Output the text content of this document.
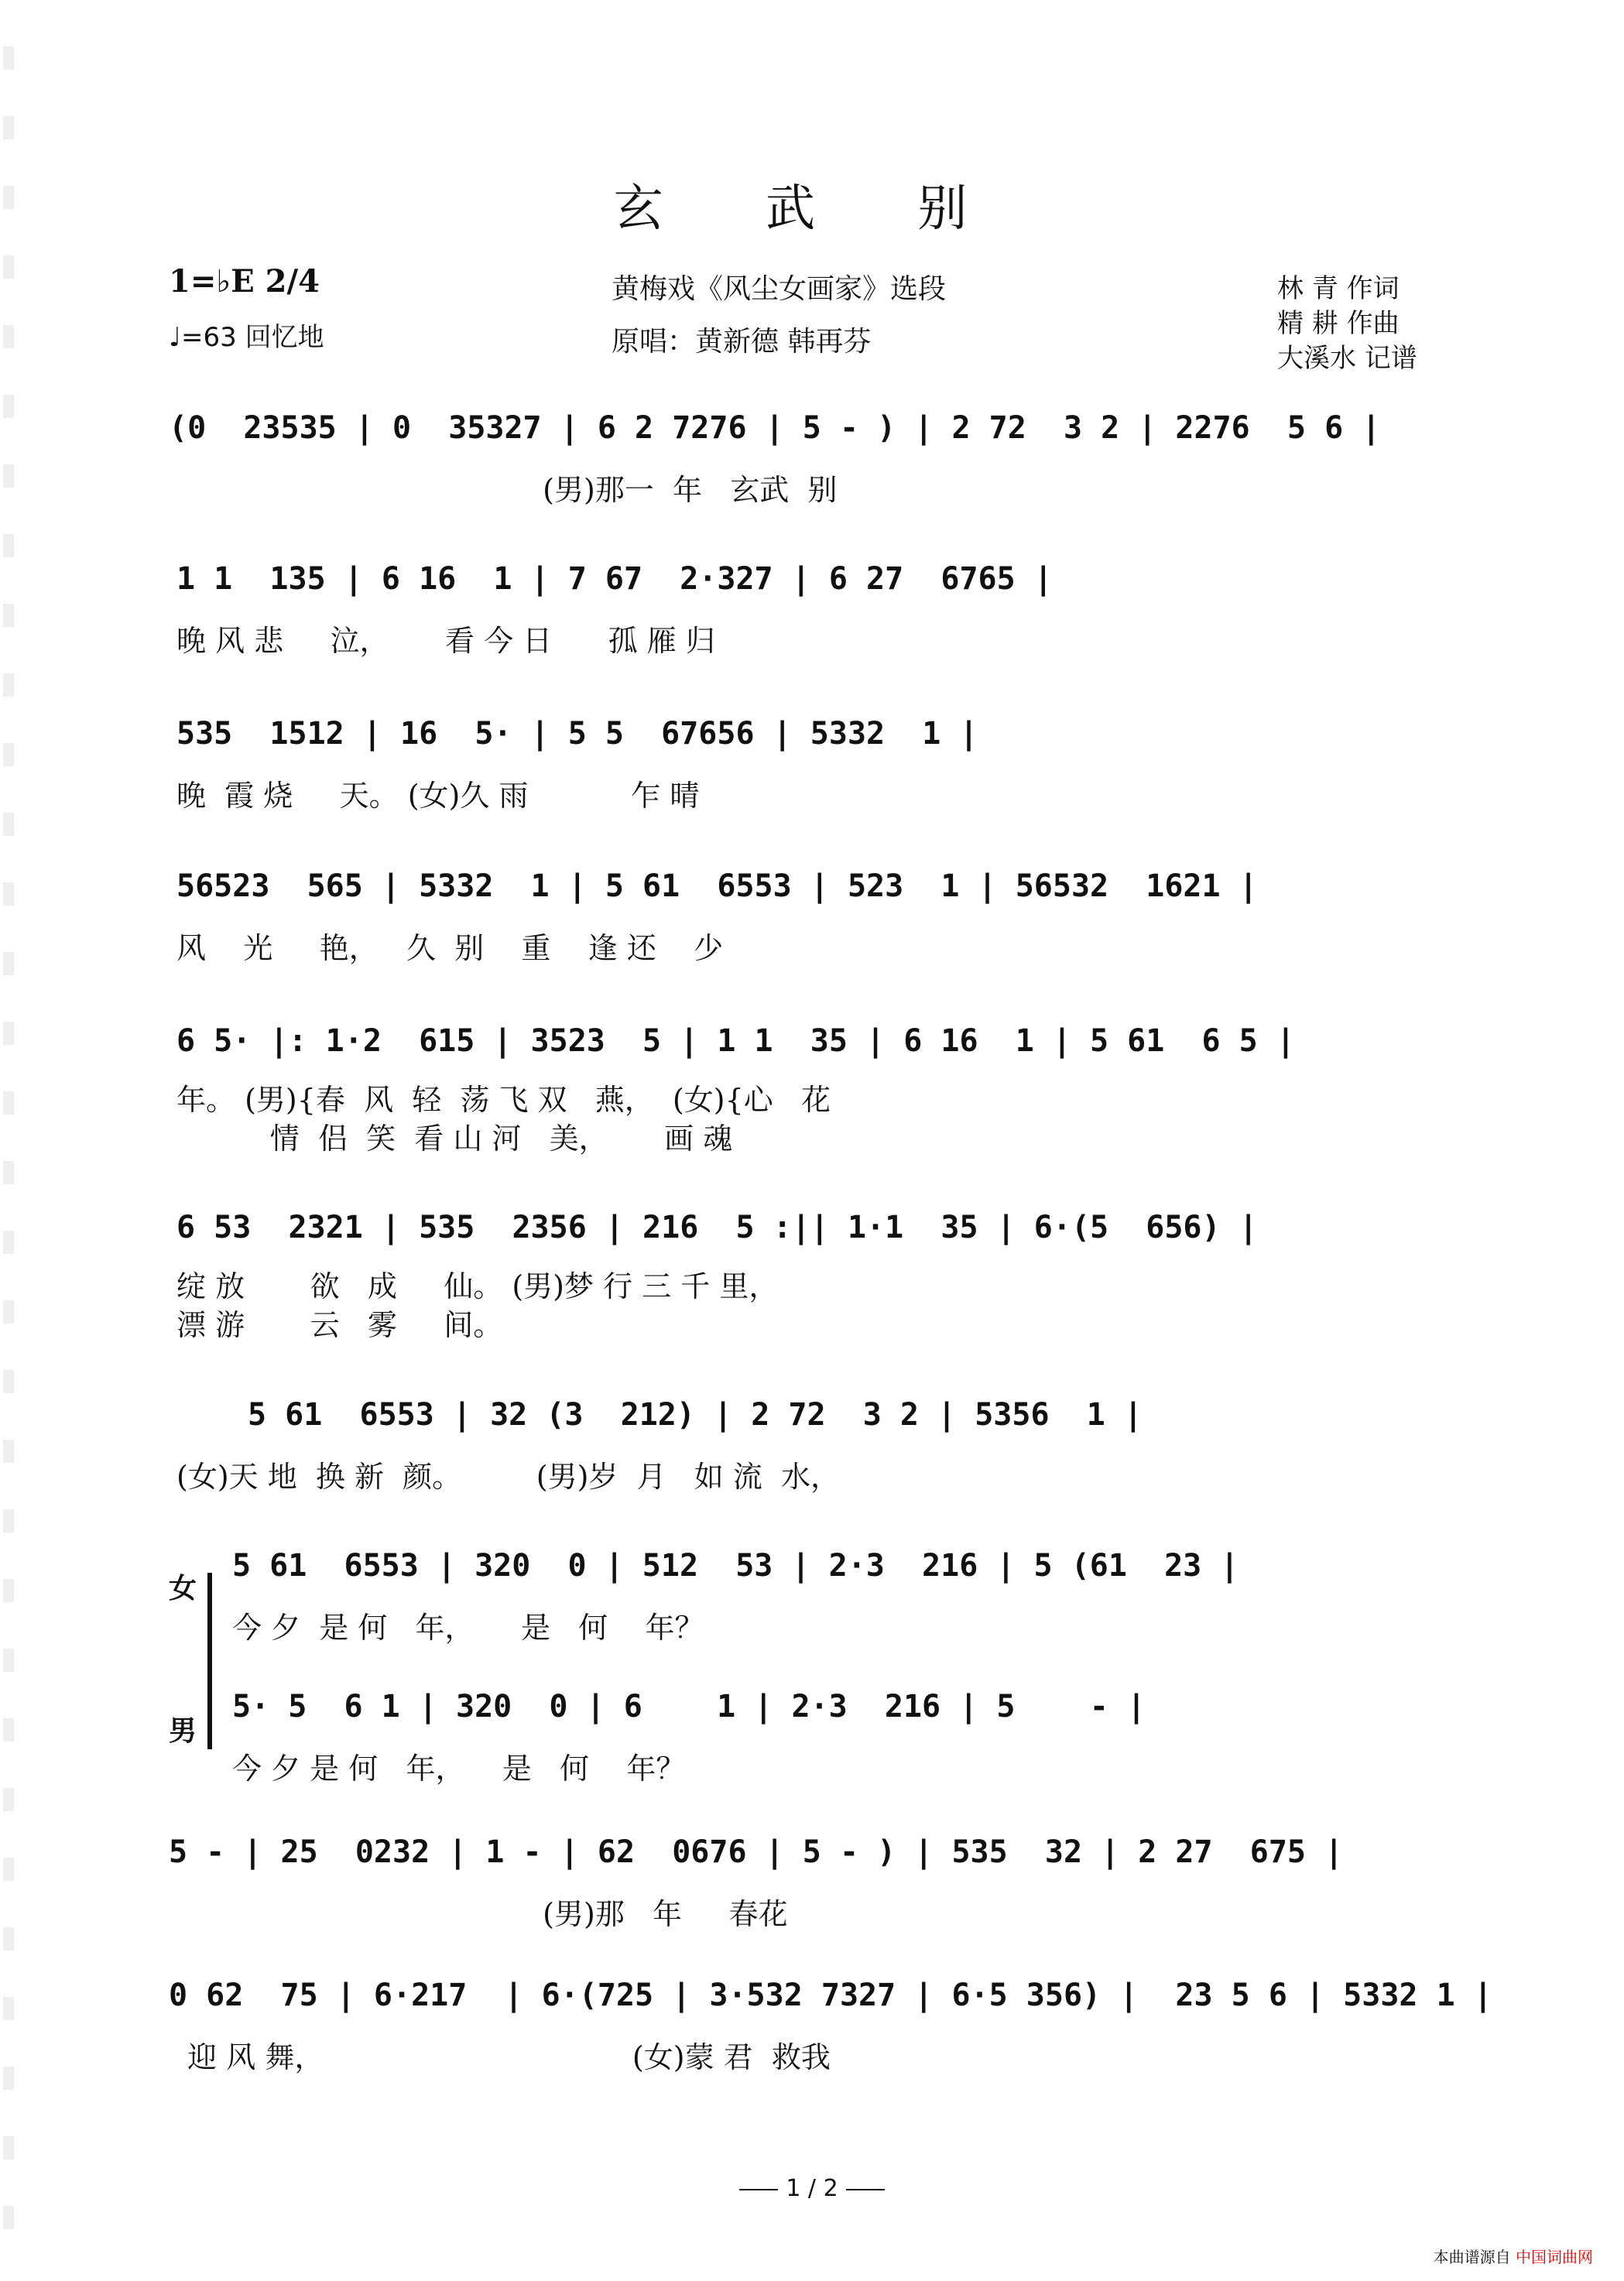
玄 武 别
1=♭E 2/4
♩=63 回忆地
黄梅戏《风尘女画家》选段
原唱：黄新德 韩再芬
林 青 作词
精 耕 作曲
大溪水 记谱
(0  23535 | 0  35327 | 6 2 7276 | 5 - ) | 2 72  3 2 | 2276  5 6 |
(男)那一  年   玄武  别
1 1  135 | 6 16  1 | 7 67  2·327 | 6 27  6765 |
晚 风 悲     泣，      看 今 日      孤 雁 归
535  1512 | 16  5· | 5 5  67656 | 5332  1 |
晚  霞 烧     天。 (女)久 雨           乍 晴
56523  565 | 5332  1 | 5 61  6553 | 523  1 | 56532  1621 |
风    光     艳，   久  别    重    逢 还    少
6 5· |: 1·2  615 | 3523  5 | 1 1  35 | 6 16  1 | 5 61  6 5 |
年。 (男){春  风  轻  荡 飞 双   燕，  (女){心   花
情  侣  笑  看 山 河   美，      画 魂
6 53  2321 | 535  2356 | 216  5 :|| 1·1  35 | 6·(5  656) |
绽 放       欲   成     仙。 (男)梦 行 三 千 里，
漂 游       云   雾     间。
5 61  6553 | 32 (3  212) | 2 72  3 2 | 5356  1 |
(女)天 地  换 新  颜。        (男)岁  月   如 流  水，
女
5 61  6553 | 320  0 | 512  53 | 2·3  216 | 5 (61  23 |
今 夕  是 何   年，     是   何    年？
男
5· 5  6 1 | 320  0 | 6    1 | 2·3  216 | 5    - |
今 夕 是 何   年，    是   何    年？
5 - | 25  0232 | 1 - | 62  0676 | 5 - ) | 535  32 | 2 27  675 |
(男)那   年     春花
0 62  75 | 6·217  | 6·(725 | 3·532 7327 | 6·5 356) |  23 5 6 | 5332 1 |
迎 风 舞，                                 (女)蒙 君  救我
1 / 2
本曲谱源自 中国词曲网
